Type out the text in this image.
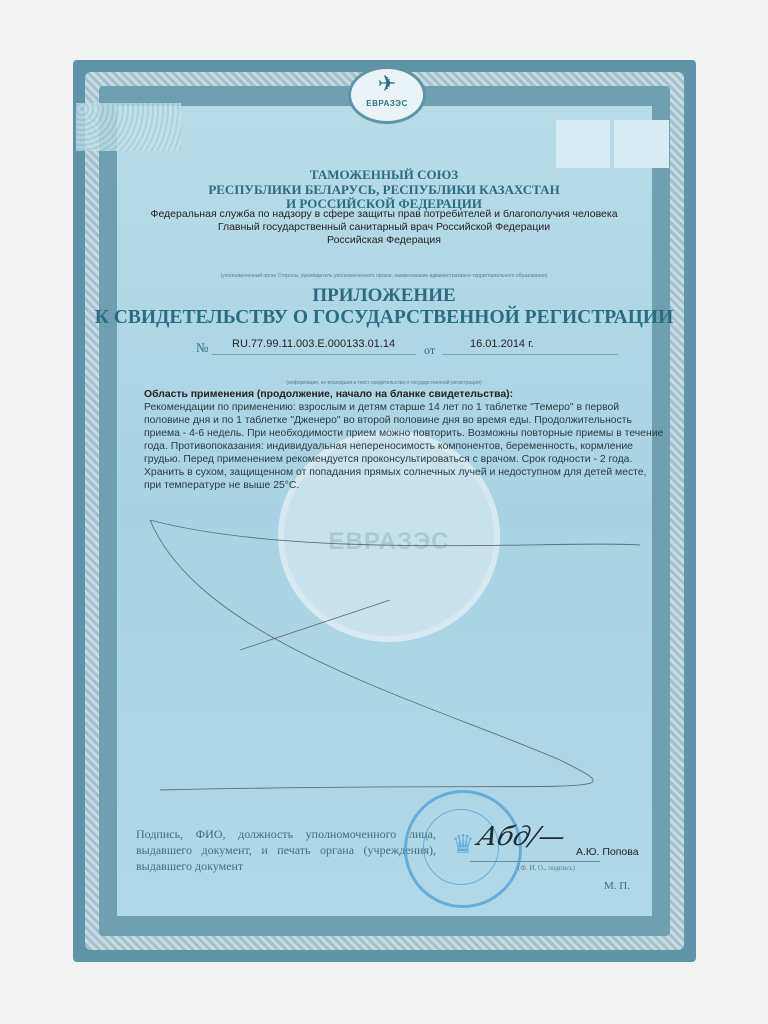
ЕВРАЗЭС
✈
ЕВРАЗЭС
ТАМОЖЕННЫЙ СОЮЗ
РЕСПУБЛИКИ БЕЛАРУСЬ, РЕСПУБЛИКИ КАЗАХСТАН
И РОССИЙСКОЙ ФЕДЕРАЦИИ
Федеральная служба по надзору в сфере защиты прав потребителей и благополучия человека
Главный государственный санитарный врач Российской Федерации
Российская Федерация
(уполномоченный орган Стороны, руководитель уполномоченного органа, наименование административно-территориального образования)
ПРИЛОЖЕНИЕ
К СВИДЕТЕЛЬСТВУ О ГОСУДАРСТВЕННОЙ РЕГИСТРАЦИИ
№ RU.77.99.11.003.E.000133.01.14 от	16.01.2014 г.
(информация, не вошедшая в текст свидетельства о государственной регистрации)
Область применения (продолжение, начало на бланке свидетельства):
Рекомендации по применению: взрослым и детям старше 14 лет по 1 таблетке "Темеро" в первой половине дня и по 1 таблетке "Дженеро" во второй половине дня во время еды. Продолжительность приема - 4-6 недель. При необходимости прием можно повторить. Возможны повторные приемы в течение года. Противопоказания: индивидуальная непереносимость компонентов, беременность, кормление грудью. Перед применением рекомендуется проконсультироваться с врачом. Срок годности - 2 года. Хранить в сухом, защищенном от попадания прямых солнечных лучей и недоступном для детей месте, при температуре не выше 25°C.
Подпись, ФИО, должность уполномоченного лица, выдавшего документ, и печать органа (учреждения), выдавшего документ
♛ Абд/— А.Ю. Попова
(Ф. И. О., подпись)
М. П.
